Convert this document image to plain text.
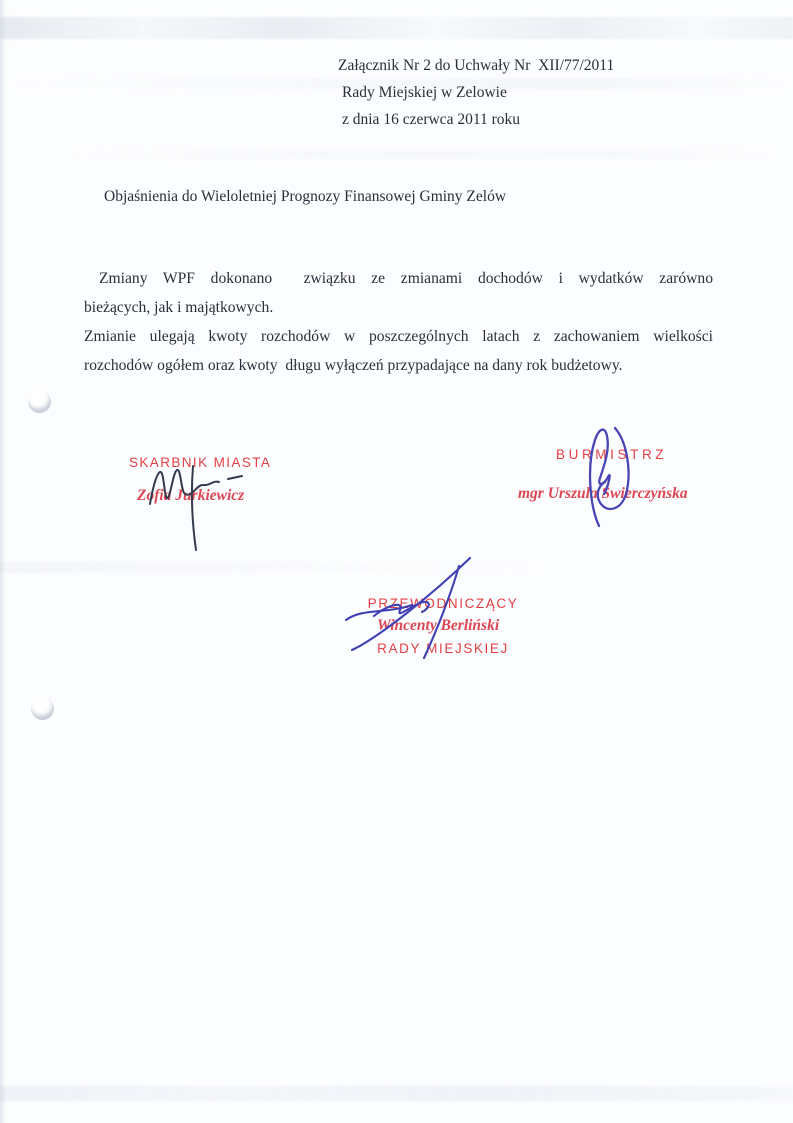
Załącznik Nr 2 do Uchwały Nr  XII/77/2011
Rady Miejskiej w Zelowie
z dnia 16 czerwca 2011 roku
Objaśnienia do Wieloletniej Prognozy Finansowej Gminy Zelów
Zmiany WPF dokonano  związku ze zmianami dochodów i wydatków zarówno
bieżących, jak i majątkowych.
Zmianie ulegają kwoty rozchodów w poszczególnych latach z zachowaniem wielkości
rozchodów ogółem oraz kwoty  długu wyłączeń przypadające na dany rok budżetowy.
SKARBNIK MIASTA
Zofia Jurkiewicz
BURMISTRZ
mgr Urszula Świerczyńska

PRZEWODNICZĄCY

RADY MIEJSKIEJ

Wincenty Berliński
